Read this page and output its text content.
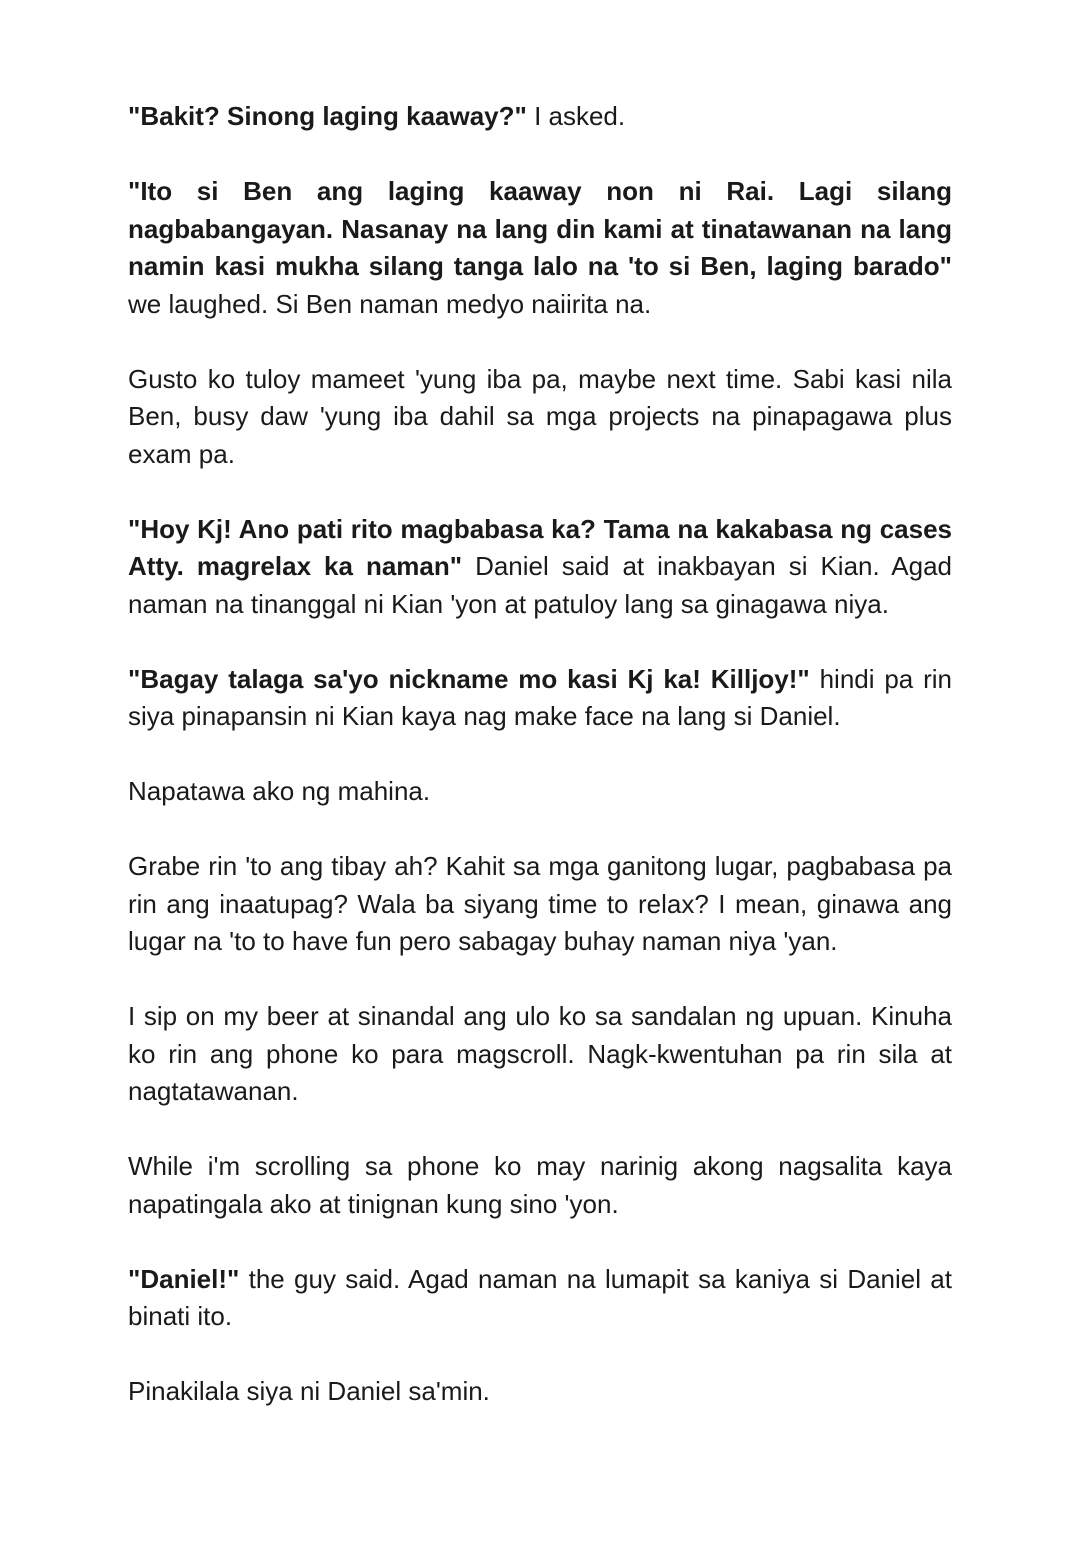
"Bakit? Sinong laging kaaway?" I asked.

"Ito si Ben ang laging kaaway non ni Rai. Lagi silang nagbabangayan. Nasanay na lang din kami at tinatawanan na lang namin kasi mukha silang tanga lalo na 'to si Ben, laging barado" we laughed. Si Ben naman medyo naiirita na.

Gusto ko tuloy mameet 'yung iba pa, maybe next time. Sabi kasi nila Ben, busy daw 'yung iba dahil sa mga projects na pinapagawa plus exam pa.

"Hoy Kj! Ano pati rito magbabasa ka? Tama na kakabasa ng cases Atty. magrelax ka naman" Daniel said at inakbayan si Kian. Agad naman na tinanggal ni Kian 'yon at patuloy lang sa ginagawa niya.

"Bagay talaga sa'yo nickname mo kasi Kj ka! Killjoy!" hindi pa rin siya pinapansin ni Kian kaya nag make face na lang si Daniel.

Napatawa ako ng mahina.

Grabe rin 'to ang tibay ah? Kahit sa mga ganitong lugar, pagbabasa pa rin ang inaatupag? Wala ba siyang time to relax? I mean, ginawa ang lugar na 'to to have fun pero sabagay buhay naman niya 'yan.

I sip on my beer at sinandal ang ulo ko sa sandalan ng upuan. Kinuha ko rin ang phone ko para magscroll. Nagk-kwentuhan pa rin sila at nagtatawanan.

While i'm scrolling sa phone ko may narinig akong nagsalita kaya napatingala ako at tinignan kung sino 'yon.

"Daniel!" the guy said. Agad naman na lumapit sa kaniya si Daniel at binati ito.

Pinakilala siya ni Daniel sa'min.
